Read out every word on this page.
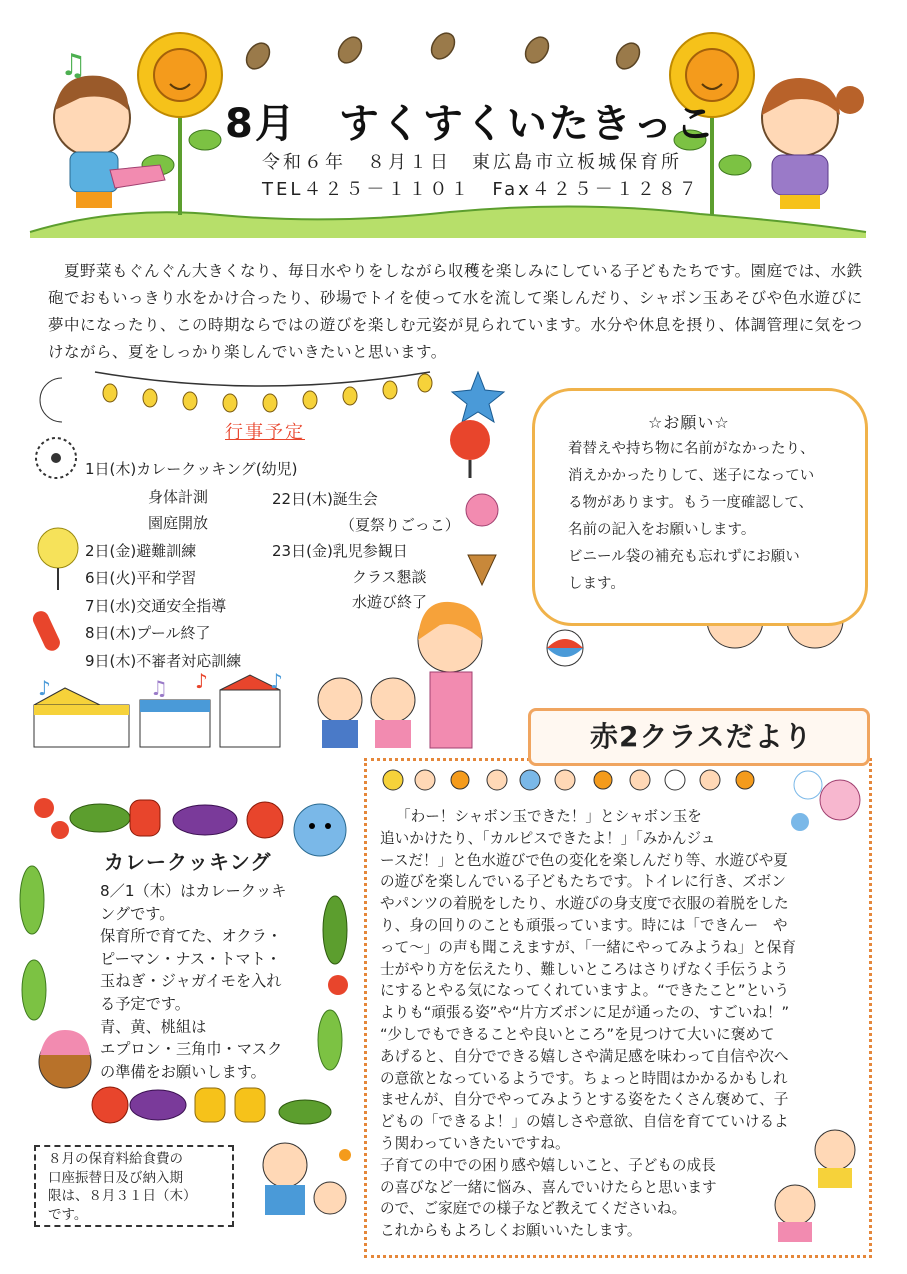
♫
♪	♫ ♪	♪
8月　すくすくいたきっこ
令和６年　８月１日　東広島市立板城保育所
TEL４２５－１１０１　Fax４２５－１２８７
夏野菜もぐんぐん大きくなり、毎日水やりをしながら収穫を楽しみにしている子どもたちです。園庭では、水鉄砲でおもいっきり水をかけ合ったり、砂場でトイを使って水を流して楽しんだり、シャボン玉あそびや色水遊びに夢中になったり、この時期ならではの遊びを楽しむ元姿が見られています。水分や休息を摂り、体調管理に気をつけながら、夏をしっかり楽しんでいきたいと思います。
行事予定
1日(木)カレークッキング(幼児)
身体計測
園庭開放
2日(金)避難訓練
6日(火)平和学習
7日(水)交通安全指導
8日(木)プール終了
9日(木)不審者対応訓練
22日(木)誕生会
（夏祭りごっこ）
23日(金)乳児参観日
クラス懇談
水遊び終了
☆お願い☆
着替えや持ち物に名前がなかったり、
消えかかったりして、迷子になってい
る物があります。もう一度確認して、
名前の記入をお願いします。
ビニール袋の補充も忘れずにお願い
します。
赤2クラスだより
「わー！シャボン玉できた！」とシャボン玉を
追いかけたり、「カルピスできたよ！」「みかんジュ
ースだ！」と色水遊びで色の変化を楽しんだり等、水遊びや夏
の遊びを楽しんでいる子どもたちです。トイレに行き、ズボン
やパンツの着脱をしたり、水遊びの身支度で衣服の着脱をした
り、身の回りのことも頑張っています。時には「できんー　や
って～」の声も聞こえますが、「一緒にやってみようね」と保育
士がやり方を伝えたり、難しいところはさりげなく手伝うよう
にするとやる気になってくれていますよ。“できたこと”という
よりも“頑張る姿”や“片方ズボンに足が通ったの、すごいね！”
“少しでもできることや良いところ”を見つけて大いに褒めて
あげると、自分でできる嬉しさや満足感を味わって自信や次へ
の意欲となっているようです。ちょっと時間はかかるかもしれ
ませんが、自分でやってみようとする姿をたくさん褒めて、子
どもの「できるよ！」の嬉しさや意欲、自信を育てていけるよ
う関わっていきたいですね。
子育ての中での困り感や嬉しいこと、子どもの成長
の喜びなど一緒に悩み、喜んでいけたらと思います
ので、ご家庭での様子など教えてくださいね。
これからもよろしくお願いいたします。
カレークッキング
8／1（木）はカレークッキ
ングです。
保育所で育てた、オクラ・
ピーマン・ナス・トマト・
玉ねぎ・ジャガイモを入れ
る予定です。
青、黄、桃組は
エプロン・三角巾・マスク
の準備をお願いします。
８月の保育料給食費の
口座振替日及び納入期
限は、８月３１日（木）
です。
